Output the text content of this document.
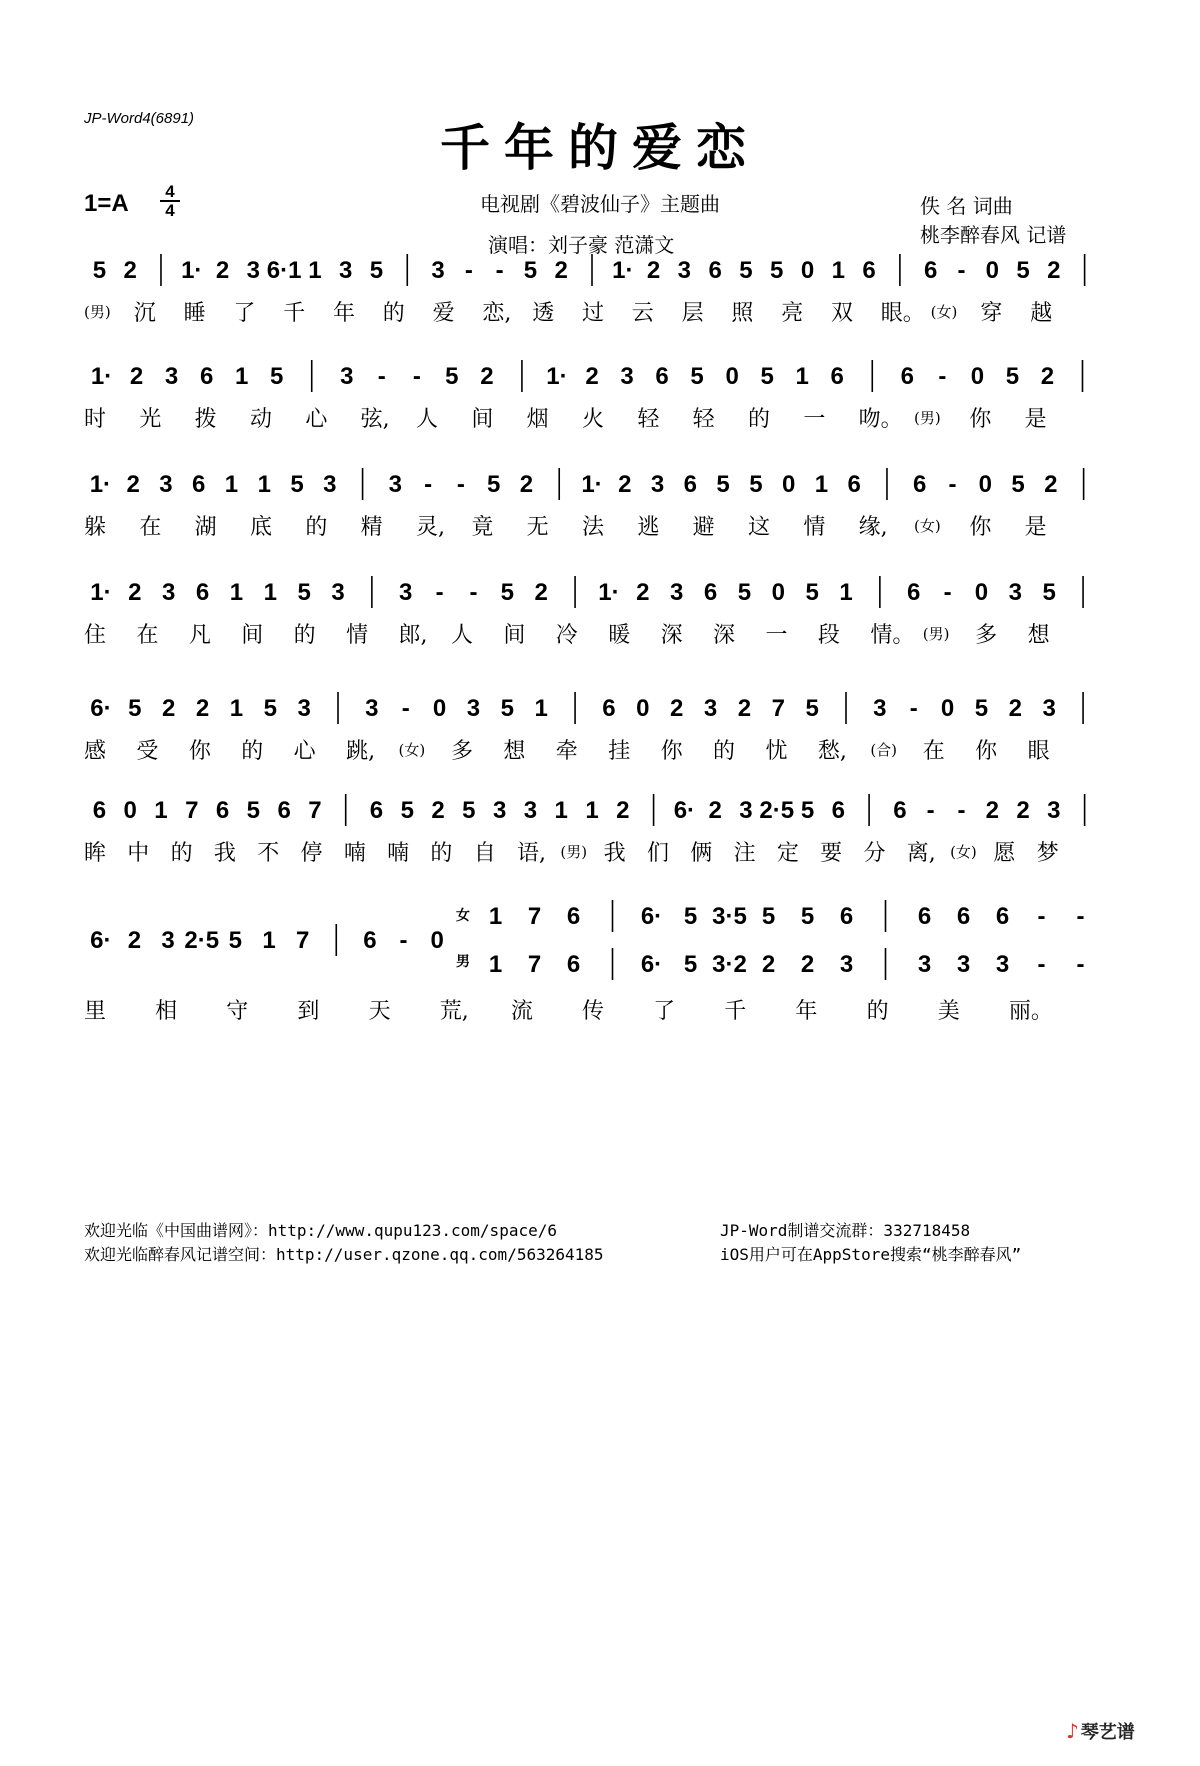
JP-Word4(6891)	千年的爱恋
1=A	4
4	电视剧《碧波仙子》主题曲
演唱：刘子豪 范潇文
佚 名 词曲
桃李醉春风 记谱
5 2 1· 2 3 6·1 1 3 5 3 - - 5 2 1· 2 3 6 5 5 0 1 6 6 - 0 5 2
(男) 沉 睡 了 千 年 的 爱 恋, 透 过 云 层 照 亮 双 眼。 (女) 穿 越
1· 2 3 6 1 5 3 - - 5 2 1· 2 3 6 5 0 5 1 6 6 - 0 5 2
时 光 拨 动 心 弦, 人 间 烟 火 轻 轻 的 一 吻。 (男) 你 是
1· 2 3 6 1 1 5 3 3 - - 5 2 1· 2 3 6 5 5 0 1 6 6 - 0 5 2
躲 在 湖 底 的 精 灵, 竟 无 法 逃 避 这 情 缘, (女) 你 是
1· 2 3 6 1 1 5 3 3 - - 5 2 1· 2 3 6 5 0 5 1 6 - 0 3 5
住 在 凡 间 的 情 郎, 人 间 冷 暖 深 深 一 段 情。 (男) 多 想
6· 5 2 2 1 5 3 3 - 0 3 5 1 6 0 2 3 2 7 5 3 - 0 5 2 3
感 受 你 的 心 跳, (女) 多 想 牵 挂 你 的 忧 愁, (合) 在 你 眼
6 0 1 7 6 5 6 7 6 5 2 5 3 3 1 1 2 6· 2 3 2·5 5 6 6 - - 2 2 3
眸 中 的 我 不 停 喃 喃 的 自 语, (男) 我 们 俩 注 定 要 分 离, (女) 愿 梦
6· 2 3 2·5 5 1 7 6 - 0
女
男
1 7 6	6· 5 3·5 5 5 6	6 6 6 - -
1 7 6	6· 5 3·2 2 2 3	3 3 3 - -
里 相 守 到 天 荒, 流 传 了 千 年 的 美 丽。
欢迎光临《中国曲谱网》：http://www.qupu123.com/space/6
欢迎光临醉春风记谱空间：http://user.qzone.qq.com/563264185
JP-Word制谱交流群：332718458
iOS用户可在AppStore搜索“桃李醉春风”
♪ 琴艺谱
